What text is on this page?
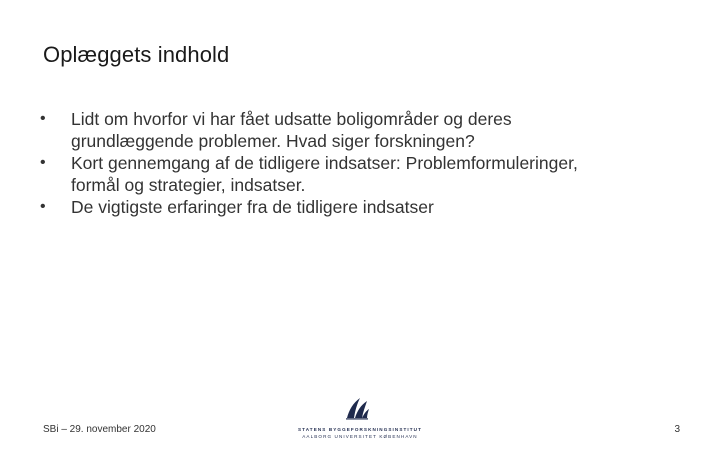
Oplæggets indhold
•	Lidt om hvorfor vi har fået udsatte boligområder og deres
grundlæggende problemer. Hvad siger forskningen?
•	Kort gennemgang af de tidligere indsatser: Problemformuleringer,
formål og strategier, indsatser.
•	De vigtigste erfaringer fra de tidligere indsatser
SBi – 29. november 2020	STATENS BYGGEFORSKNINGSINSTITUT
AALBORG UNIVERSITET KØBENHAVN
3
